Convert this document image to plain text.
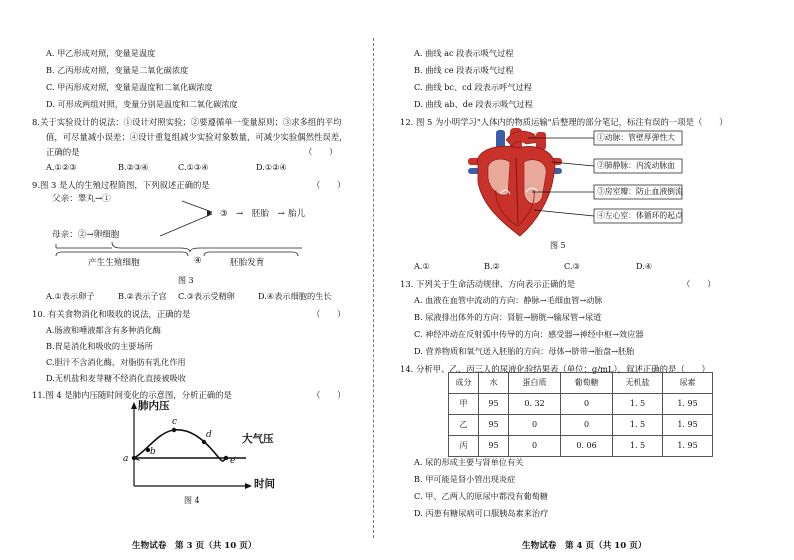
A. 甲乙形成对照，变量是温度
B. 乙丙形成对照，变量是二氧化碳浓度
C. 甲丙形成对照，变量是温度和二氧化碳浓度
D. 可形成两组对照，变量分别是温度和二氧化碳浓度
8.关于实验设计的说法：①设计对照实验；②要遵循单一变量原则；③求多组的平均
值，可尽量减小误差；④设计重复组减少实验对象数量，可减少实验偶然性误差，
正确的是	（　　）
A.①②③	B.②③④	C.①③④	D.①②④
9.图 3 是人的生殖过程简图，下列叙述正确的是	（　　）
父亲：睾丸→①
母亲：②→卵细胞
③ →　胚胎　→ 胎儿
④
产生生殖细胞	胚胎发育
图 3
A.①表示卵子	B.②表示子宫 C.③表示受精卵	D.④表示细胞的生长
10. 有关食物消化和吸收的说法，正确的是	（　　）
A.肠液和唾液都含有多种消化酶
B.胃是消化和吸收的主要场所
C.胆汁不含消化酶，对脂肪有乳化作用
D.无机盐和麦芽糖不经消化直接被吸收
11.图 4 是肺内压随时间变化的示意图，分析正确的是	（　　）
肺内压
大气压
时间
a
b
c
d
e
图 4
生物试卷　第 3 页（共 10 页）
A. 曲线 ac 段表示吸气过程
B. 曲线 ce 段表示吸气过程
C. 曲线 bc、cd 段表示呼气过程
D. 曲线 ab、de 段表示吸气过程
12. 图 5 为小明学习"人体内的物质运输"后整理的部分笔记，标注有误的一项是（　　）
①动脉：管壁厚弹性大
②肺静脉：内流动脉血
③房室瓣：防止血液倒流
④左心室：体循环的起点
图 5
A.①	B.②	C.③	D.④
13. 下列关于生命活动规律、方向表示正确的是	（　　）
A. 血液在血管中流动的方向：静脉→毛细血管→动脉
B. 尿液排出体外的方向：肾脏→膀胱→输尿管→尿道
C. 神经冲动在反射弧中传导的方向：感受器→神经中枢→效应器
D. 营养物质和氧气送入胚胎的方向：母体→脐带→胎盘→胚胎
14. 分析甲、乙、丙三人的尿液化验结果表（单位：g/mL），叙述正确的是（　　）
成分	水	蛋白质	葡萄糖	无机盐	尿素
甲	95	0. 32	0	1. 5	1. 95
乙	95	0	0	1. 5	1. 95
丙	95	0	0. 06	1. 5	1. 95
A. 尿的形成主要与肾单位有关
B. 甲可能是肾小管出现炎症
C. 甲、乙两人的原尿中都没有葡萄糖
D. 丙患有糖尿病可口服胰岛素来治疗
生物试卷　第 4 页（共 10 页）
